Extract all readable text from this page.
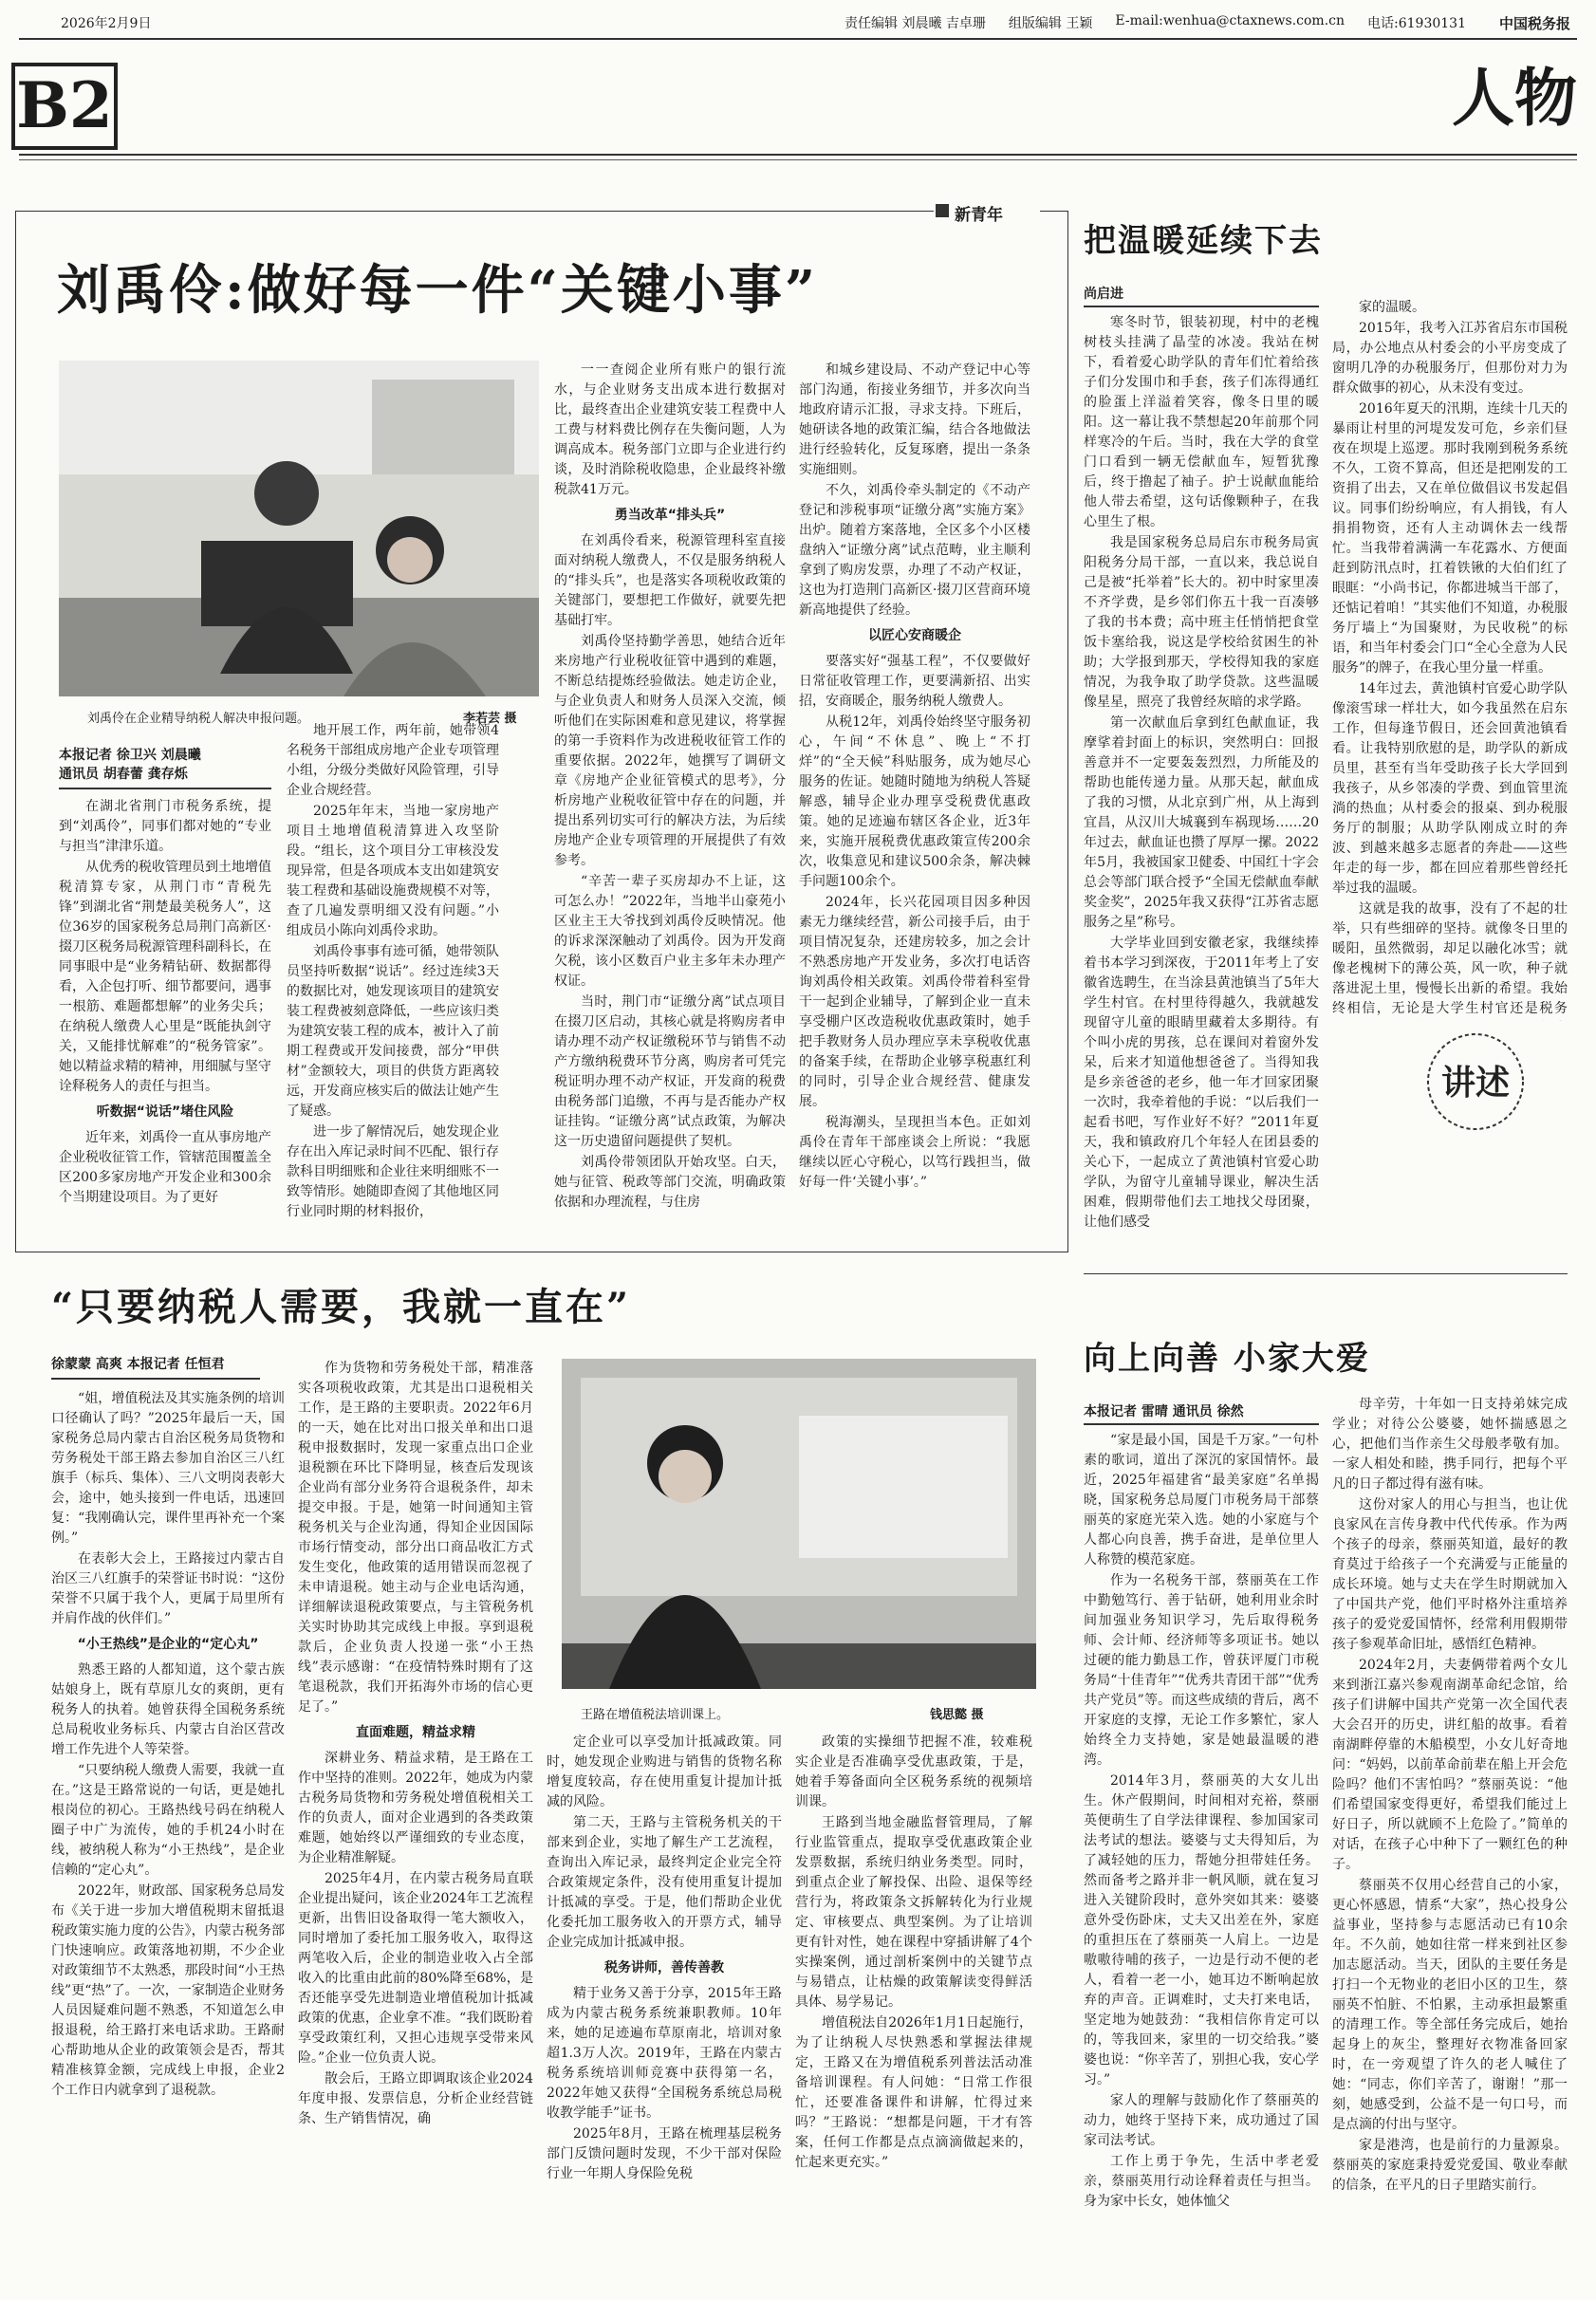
2026年2月9日	责任编辑 刘晨曦 吉卓珊 组版编辑 王颖 E-mail:wenhua@ctaxnews.com.cn 电话:61930131 中国税务报
B2	人物
新青年
刘禹伶:做好每一件“关键小事”
刘禹伶在企业精导纳税人解决申报问题。	李若芸 摄
本报记者 徐卫兴 刘晨曦
通讯员 胡春蕾 龚存烁

在湖北省荆门市税务系统，提到“刘禹伶”，同事们都对她的“专业与担当”津津乐道。

从优秀的税收管理员到土地增值税清算专家，从荆门市“青税先锋”到湖北省“荆楚最美税务人”，这位36岁的国家税务总局荆门高新区·掇刀区税务局税源管理科副科长，在同事眼中是“业务精钻研、数据都得看，入企包打听、细节都要问，遇事一根筋、难题都想解”的业务尖兵；在纳税人缴费人心里是“既能执剑守关，又能排忧解难”的“税务管家”。她以精益求精的精神，用细腻与坚守诠释税务人的责任与担当。

听数据“说话”堵住风险

近年来，刘禹伶一直从事房地产企业税收征管工作，管辖范围覆盖全区200多家房地产开发企业和300余个当期建设项目。为了更好

地开展工作，两年前，她带领4名税务干部组成房地产企业专项管理小组，分级分类做好风险管理，引导企业合规经营。

2025年年末，当地一家房地产项目土地增值税清算进入攻坚阶段。“组长，这个项目分工审核没发现异常，但是各项成本支出如建筑安装工程费和基础设施费规模不对等，查了几遍发票明细又没有问题。”小组成员小陈向刘禹伶求助。

刘禹伶事事有迹可循，她带领队员坚持听数据“说话”。经过连续3天的数据比对，她发现该项目的建筑安装工程费被刻意降低，一些应该归类为建筑安装工程的成本，被计入了前期工程费或开发间接费，部分“甲供材”金额较大，项目的供货方距离较远，开发商应核实后的做法让她产生了疑惑。

进一步了解情况后，她发现企业存在出入库记录时间不匹配、银行存款科目明细账和企业往来明细账不一致等情形。她随即查阅了其他地区同行业同时期的材料报价，

一一查阅企业所有账户的银行流水，与企业财务支出成本进行数据对比，最终查出企业建筑安装工程费中人工费与材料费比例存在失衡问题，人为调高成本。税务部门立即与企业进行约谈，及时消除税收隐患，企业最终补缴税款41万元。

勇当改革“排头兵”

在刘禹伶看来，税源管理科室直接面对纳税人缴费人，不仅是服务纳税人的“排头兵”，也是落实各项税收政策的关键部门，要想把工作做好，就要先把基础打牢。

刘禹伶坚持勤学善思，她结合近年来房地产行业税收征管中遇到的难题，不断总结提炼经验做法。她走访企业，与企业负责人和财务人员深入交流，倾听他们在实际困难和意见建议，将掌握的第一手资料作为改进税收征管工作的重要依据。2022年，她撰写了调研文章《房地产企业征管模式的思考》，分析房地产业税收征管中存在的问题，并提出系列切实可行的解决方法，为后续房地产企业专项管理的开展提供了有效参考。

“辛苦一辈子买房却办不上证，这可怎么办！”2022年，当地半山豪苑小区业主王大爷找到刘禹伶反映情况。他的诉求深深触动了刘禹伶。因为开发商欠税，该小区数百户业主多年未办理产权证。

当时，荆门市“证缴分离”试点项目在掇刀区启动，其核心就是将购房者申请办理不动产权证缴税环节与销售不动产方缴纳税费环节分离，购房者可凭完税证明办理不动产权证，开发商的税费由税务部门追缴，不再与是否能办产权证挂钩。“证缴分离”试点政策，为解决这一历史遗留问题提供了契机。

刘禹伶带领团队开始攻坚。白天，她与征管、税政等部门交流，明确政策依据和办理流程，与住房

和城乡建设局、不动产登记中心等部门沟通，衔接业务细节，并多次向当地政府请示汇报，寻求支持。下班后，她研读各地的政策汇编，结合各地做法进行经验转化，反复琢磨，提出一条条实施细则。

不久，刘禹伶牵头制定的《不动产登记和涉税事项“证缴分离”实施方案》出炉。随着方案落地，全区多个小区楼盘纳入“证缴分离”试点范畴，业主顺利拿到了购房发票，办理了不动产权证，这也为打造荆门高新区·掇刀区营商环境新高地提供了经验。

以匠心安商暖企

要落实好“强基工程”，不仅要做好日常征收管理工作，更要满新招、出实招，安商暖企，服务纳税人缴费人。

从税12年，刘禹伶始终坚守服务初心，午间“不休息”、晚上“不打烊”的“全天候”科贴服务，成为她尽心服务的佐证。她随时随地为纳税人答疑解惑，辅导企业办理享受税费优惠政策。她的足迹遍布辖区各企业，近3年来，实施开展税费优惠政策宣传200余次，收集意见和建议500余条，解决棘手问题100余个。

2024年，长兴花园项目因多种因素无力继续经营，新公司接手后，由于项目情况复杂，还建房较多，加之会计不熟悉房地产开发业务，多次打电话咨询刘禹伶相关政策。刘禹伶带着科室骨干一起到企业辅导，了解到企业一直未享受棚户区改造税收优惠政策时，她手把手教财务人员办理应享未享税收优惠的备案手续，在帮助企业够享税惠红利的同时，引导企业合规经营、健康发展。

税海潮头，呈现担当本色。正如刘禹伶在青年干部座谈会上所说：“我愿继续以匠心守税心，以笃行践担当，做好每一件‘关键小事’。”

“只要纳税人需要，我就一直在”
徐蒙蒙 高爽 本报记者 任恒君
王路在增值税法培训课上。	钱思懿 摄

“姐，增值税法及其实施条例的培训口径确认了吗？”2025年最后一天，国家税务总局内蒙古自治区税务局货物和劳务税处干部王路去参加自治区三八红旗手（标兵、集体）、三八文明岗表彰大会，途中，她头接到一件电话，迅速回复：“我刚确认完，课件里再补充一个案例。”

在表彰大会上，王路接过内蒙古自治区三八红旗手的荣誉证书时说：“这份荣誉不只属于我个人，更属于局里所有并肩作战的伙伴们。”

“小王热线”是企业的“定心丸”

熟悉王路的人都知道，这个蒙古族姑娘身上，既有草原儿女的爽朗，更有税务人的执着。她曾获得全国税务系统总局税收业务标兵、内蒙古自治区营改增工作先进个人等荣誉。

“只要纳税人缴费人需要，我就一直在。”这是王路常说的一句话，更是她扎根岗位的初心。王路热线号码在纳税人圈子中广为流传，她的手机24小时在线，被纳税人称为“小王热线”，是企业信赖的“定心丸”。

2022年，财政部、国家税务总局发布《关于进一步加大增值税期末留抵退税政策实施力度的公告》，内蒙古税务部门快速响应。政策落地初期，不少企业对政策细节不太熟悉，那段时间“小王热线”更“热”了。一次，一家制造企业财务人员因疑难问题不熟悉，不知道怎么申报退税，给王路打来电话求助。王路耐心帮助地从企业的政策领会是否，帮其精准核算金额，完成线上申报，企业2个工作日内就拿到了退税款。

作为货物和劳务税处干部，精准落实各项税收政策，尤其是出口退税相关工作，是王路的主要职责。2022年6月的一天，她在比对出口报关单和出口退税申报数据时，发现一家重点出口企业退税额在环比下降明显，核查后发现该企业尚有部分业务符合退税条件，却未提交申报。于是，她第一时间通知主管税务机关与企业沟通，得知企业因国际市场行情变动，部分出口商品收汇方式发生变化，他政策的适用错误而忽视了未申请退税。她主动与企业电话沟通，详细解读退税政策要点，与主管税务机关实时协助其完成线上申报。享到退税款后，企业负责人投递一张“小王热线”表示感谢：“在疫情特殊时期有了这笔退税款，我们开拓海外市场的信心更足了。”

直面难题，精益求精

深耕业务、精益求精，是王路在工作中坚持的准则。2022年，她成为内蒙古税务局货物和劳务税处增值税相关工作的负责人，面对企业遇到的各类政策难题，她始终以严谨细致的专业态度，为企业精准解疑。

2025年4月，在内蒙古税务局直联企业提出疑问，该企业2024年工艺流程更新，出售旧设备取得一笔大额收入，同时增加了委托加工服务收入，取得这两笔收入后，企业的制造业收入占全部收入的比重由此前的80%降至68%，是否还能享受先进制造业增值税加计抵减政策的优惠，企业拿不准。“我们既盼着享受政策红利，又担心违规享受带来风险。”企业一位负责人说。

散会后，王路立即调取该企业2024年度申报、发票信息，分析企业经营链条、生产销售情况，确

定企业可以享受加计抵减政策。同时，她发现企业购进与销售的货物名称增复度较高，存在使用重复计提加计抵减的风险。

第二天，王路与主管税务机关的干部来到企业，实地了解生产工艺流程，查询出入库记录，最终判定企业完全符合政策规定条件，没有使用重复计提加计抵减的享受。于是，他们帮助企业优化委托加工服务收入的开票方式，辅导企业完成加计抵减申报。

税务讲师，善传善教

精于业务又善于分享，2015年王路成为内蒙古税务系统兼职教师。10年来，她的足迹遍布草原南北，培训对象超1.3万人次。2019年，王路在内蒙古税务系统培训师竞赛中获得第一名，2022年她又获得“全国税务系统总局税收教学能手”证书。

2025年8月，王路在梳理基层税务部门反馈问题时发现，不少干部对保险行业一年期人身保险免税

政策的实操细节把握不准，较难税实企业是否准确享受优惠政策，于是，她着手筹备面向全区税务系统的视频培训课。

王路到当地金融监督管理局，了解行业监管重点，提取享受优惠政策企业发票数据，系统归纳业务类型。同时，到重点企业了解投保、出险、退保等经营行为，将政策条文拆解转化为行业规定、审核要点、典型案例。为了让培训更有针对性，她在课程中穿插讲解了4个实操案例，通过剖析案例中的关键节点与易错点，让枯燥的政策解读变得鲜活具体、易学易记。

增值税法自2026年1月1日起施行，为了让纳税人尽快熟悉和掌握法律规定，王路又在为增值税系列普法活动准备培训课程。有人问她：“日常工作很忙，还要准备课件和讲解，忙得过来吗？”王路说：“想都是问题，干才有答案，任何工作都是点点滴滴做起来的，忙起来更充实。”

把温暖延续下去
尚启进

寒冬时节，银装初现，村中的老槐树枝头挂满了晶莹的冰凌。我站在树下，看着爱心助学队的青年们忙着给孩子们分发围巾和手套，孩子们冻得通红的脸蛋上洋溢着笑容，像冬日里的暖阳。这一幕让我不禁想起20年前那个同样寒冷的午后。当时，我在大学的食堂门口看到一辆无偿献血车，短暂犹豫后，终于撸起了袖子。护士说献血能给他人带去希望，这句话像颗种子，在我心里生了根。

我是国家税务总局启东市税务局寅阳税务分局干部，一直以来，我总说自己是被“托举着”长大的。初中时家里凑不齐学费，是乡邻们你五十我一百凑够了我的书本费；高中班主任悄悄把食堂饭卡塞给我，说这是学校给贫困生的补助；大学报到那天，学校得知我的家庭情况，为我争取了助学贷款。这些温暖像星星，照亮了我曾经灰暗的求学路。

第一次献血后拿到红色献血证，我摩挲着封面上的标识，突然明白：回报善意并不一定要轰轰烈烈，力所能及的帮助也能传递力量。从那天起，献血成了我的习惯，从北京到广州，从上海到宜昌，从汉川大城襄到车祸现场……20年过去，献血证也攒了厚厚一摞。2022年5月，我被国家卫健委、中国红十字会总会等部门联合授予“全国无偿献血奉献奖金奖”，2025年我又获得“江苏省志愿服务之星”称号。

大学毕业回到安徽老家，我继续捧着书本学习到深夜，于2011年考上了安徽省选聘生，在当涂县黄池镇当了5年大学生村官。在村里待得越久，我就越发现留守儿童的眼睛里藏着太多期待。有个叫小虎的男孩，总在课间对着窗外发呆，后来才知道他想爸爸了。当得知我是乡亲爸爸的老乡，他一年才回家团聚一次时，我牵着他的手说：“以后我们一起看书吧，写作业好不好？”2011年夏天，我和镇政府几个年轻人在团县委的关心下，一起成立了黄池镇村官爱心助学队，为留守儿童辅导课业，解决生活困难，假期带他们去工地找父母团聚，让他们感受

家的温暖。

2015年，我考入江苏省启东市国税局，办公地点从村委会的小平房变成了窗明几净的办税服务厅，但那份对力为群众做事的初心，从未没有变过。

2016年夏天的汛期，连续十几天的暴雨让村里的河堤发发可危，乡亲们昼夜在坝堤上巡逻。那时我刚到税务系统不久，工资不算高，但还是把刚发的工资捐了出去，又在单位做倡议书发起倡议。同事们纷纷响应，有人捐钱，有人捐捐物资，还有人主动调休去一线帮忙。当我带着满满一车花露水、方便面赶到防汛点时，扛着铁锹的大伯们红了眼眶：“小尚书记，你都进城当干部了，还惦记着咱！”其实他们不知道，办税服务厅墙上“为国聚财，为民收税”的标语，和当年村委会门口“全心全意为人民服务”的牌子，在我心里分量一样重。

14年过去，黄池镇村官爱心助学队像滚雪球一样壮大，如今我虽然在启东工作，但每逢节假日，还会回黄池镇看看。让我特别欣慰的是，助学队的新成员里，甚至有当年受助孩子长大学回到我孩子，从乡邻凑的学费、到血管里流淌的热血；从村委会的报桌、到办税服务厅的制服；从助学队刚成立时的奔波、到越来越多志愿者的奔赴——这些年走的每一步，都在回应着那些曾经托举过我的温暖。

这就是我的故事，没有了不起的壮举，只有些细碎的坚持。就像冬日里的暖阳，虽然微弱，却足以融化冰雪；就像老槐树下的薄公英，风一吹，种子就落进泥土里，慢慢长出新的希望。我始终相信，无论是大学生村官还是税务

讲述
向上向善 小家大爱
本报记者 雷晴 通讯员 徐然

“家是最小国，国是千万家。”一句朴素的歌词，道出了深沉的家国情怀。最近，2025年福建省“最美家庭”名单揭晓，国家税务总局厦门市税务局干部蔡丽英的家庭光荣入选。她的小家庭与个人都心向良善，携手奋进，是单位里人人称赞的模范家庭。

作为一名税务干部，蔡丽英在工作中勤勉笃行、善于钻研，她利用业余时间加强业务知识学习，先后取得税务师、会计师、经济师等多项证书。她以过硬的能力勤恳工作，曾获评厦门市税务局“十佳青年”“优秀共青团干部”“优秀共产党员”等。而这些成绩的背后，离不开家庭的支撑，无论工作多繁忙，家人始终全力支持她，家是她最温暖的港湾。

2014年3月，蔡丽英的大女儿出生。休产假期间，时间相对充裕，蔡丽英便萌生了自学法律课程、参加国家司法考试的想法。婆婆与丈夫得知后，为了减轻她的压力，帮她分担带娃任务。然而备考之路并非一帆风顺，就在复习进入关键阶段时，意外突如其来：婆婆意外受伤卧床，丈夫又出差在外，家庭的重担压在了蔡丽英一人肩上。一边是嗷嗷待哺的孩子，一边是行动不便的老人，看着一老一小，她耳边不断响起放弃的声音。正调难时，丈夫打来电话，坚定地为她鼓劲：“我相信你肯定可以的，等我回来，家里的一切交给我。”婆婆也说：“你辛苦了，别担心我，安心学习。”

家人的理解与鼓励化作了蔡丽英的动力，她终于坚持下来，成功通过了国家司法考试。

工作上勇于争先，生活中孝老爱亲，蔡丽英用行动诠释着责任与担当。身为家中长女，她体恤父

母辛劳，十年如一日支持弟妹完成学业；对待公公婆婆，她怀揣感恩之心，把他们当作亲生父母般孝敬有加。一家人相处和睦，携手同行，把每个平凡的日子都过得有滋有味。

这份对家人的用心与担当，也让优良家风在言传身教中代代传承。作为两个孩子的母亲，蔡丽英知道，最好的教育莫过于给孩子一个充满爱与正能量的成长环境。她与丈夫在学生时期就加入了中国共产党，他们平时格外注重培养孩子的爱党爱国情怀，经常利用假期带孩子参观革命旧址，感悟红色精神。

2024年2月，夫妻俩带着两个女儿来到浙江嘉兴参观南湖革命纪念馆，给孩子们讲解中国共产党第一次全国代表大会召开的历史，讲红船的故事。看着南湖畔停靠的木船模型，小女儿好奇地问：“妈妈，以前革命前辈在船上开会危险吗？他们不害怕吗？”蔡丽英说：“他们希望国家变得更好，希望我们能过上好日子，所以就顾不上危险了。”简单的对话，在孩子心中种下了一颗红色的种子。

蔡丽英不仅用心经营自己的小家，更心怀感恩，情系“大家”，热心投身公益事业，坚持参与志愿活动已有10余年。不久前，她如往常一样来到社区参加志愿活动。当天，团队的主要任务是打扫一个无物业的老旧小区的卫生，蔡丽英不怕脏、不怕累，主动承担最繁重的清理工作。等全部任务完成后，她抬起身上的灰尘，整理好衣物准备回家时，在一旁观望了许久的老人喊住了她：“同志，你们辛苦了，谢谢！”那一刻，她感受到，公益不是一句口号，而是点滴的付出与坚守。

家是港湾，也是前行的力量源泉。蔡丽英的家庭秉持爱党爱国、敬业奉献的信条，在平凡的日子里踏实前行。
